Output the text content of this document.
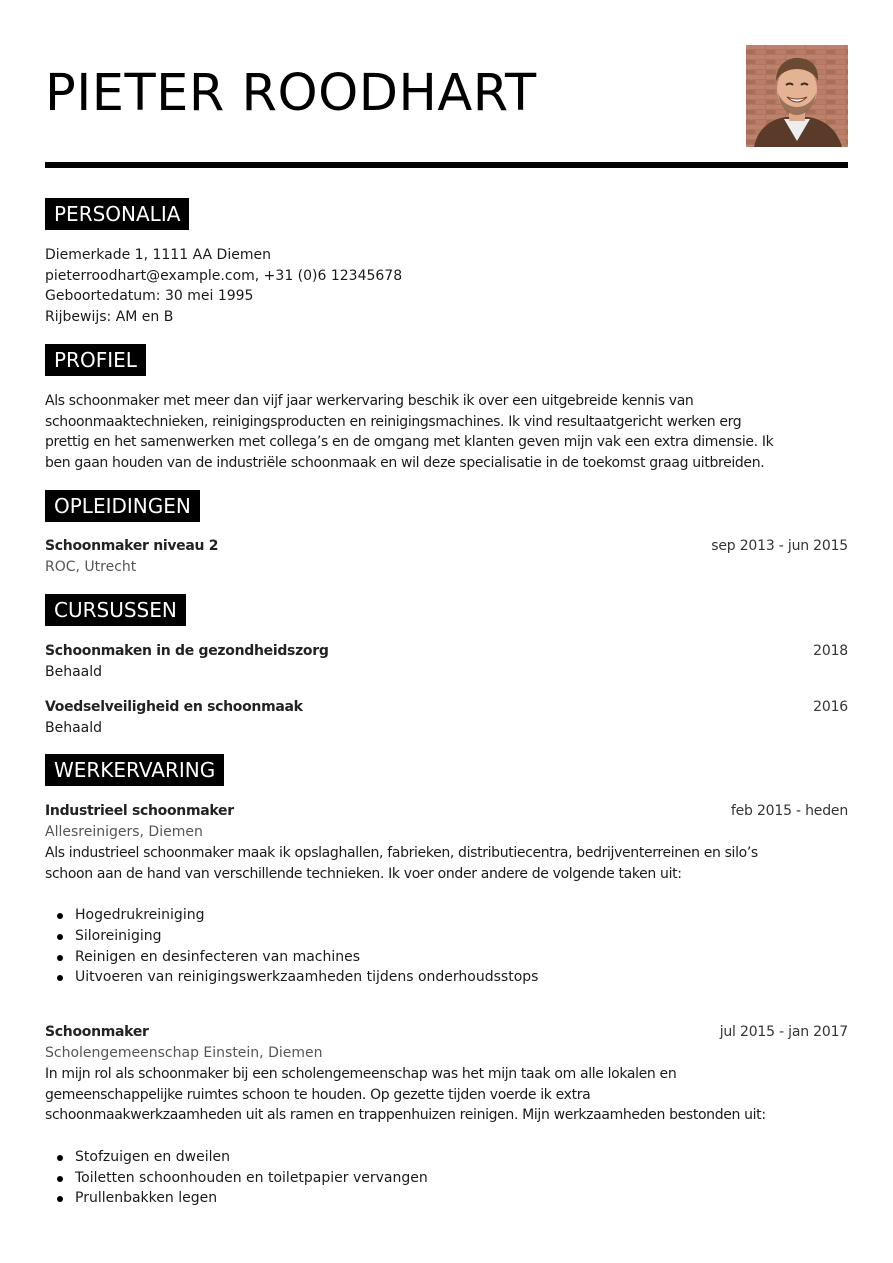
PIETER ROODHART
PERSONALIA
Diemerkade 1, 1111 AA Diemen
pieterroodhart@example.com, +31 (0)6 12345678
Geboortedatum: 30 mei 1995
Rijbewijs: AM en B
PROFIEL
Als schoonmaker met meer dan vijf jaar werkervaring beschik ik over een uitgebreide kennis van
schoonmaaktechnieken, reinigingsproducten en reinigingsmachines. Ik vind resultaatgericht werken erg
prettig en het samenwerken met collega’s en de omgang met klanten geven mijn vak een extra dimensie. Ik
ben gaan houden van de industriële schoonmaak en wil deze specialisatie in de toekomst graag uitbreiden.
OPLEIDINGEN
Schoonmaker niveau 2	sep 2013 - jun 2015
ROC, Utrecht
CURSUSSEN
Schoonmaken in de gezondheidszorg	2018
Behaald
Voedselveiligheid en schoonmaak	2016
Behaald
WERKERVARING
Industrieel schoonmaker	feb 2015 - heden
Allesreinigers, Diemen
Als industrieel schoonmaker maak ik opslaghallen, fabrieken, distributiecentra, bedrijventerreinen en silo’s
schoon aan de hand van verschillende technieken. Ik voer onder andere de volgende taken uit:
Hogedrukreiniging
Siloreiniging
Reinigen en desinfecteren van machines
Uitvoeren van reinigingswerkzaamheden tijdens onderhoudsstops
Schoonmaker	jul 2015 - jan 2017
Scholengemeenschap Einstein, Diemen
In mijn rol als schoonmaker bij een scholengemeenschap was het mijn taak om alle lokalen en
gemeenschappelijke ruimtes schoon te houden. Op gezette tijden voerde ik extra
schoonmaakwerkzaamheden uit als ramen en trappenhuizen reinigen. Mijn werkzaamheden bestonden uit:
Stofzuigen en dweilen
Toiletten schoonhouden en toiletpapier vervangen
Prullenbakken legen
